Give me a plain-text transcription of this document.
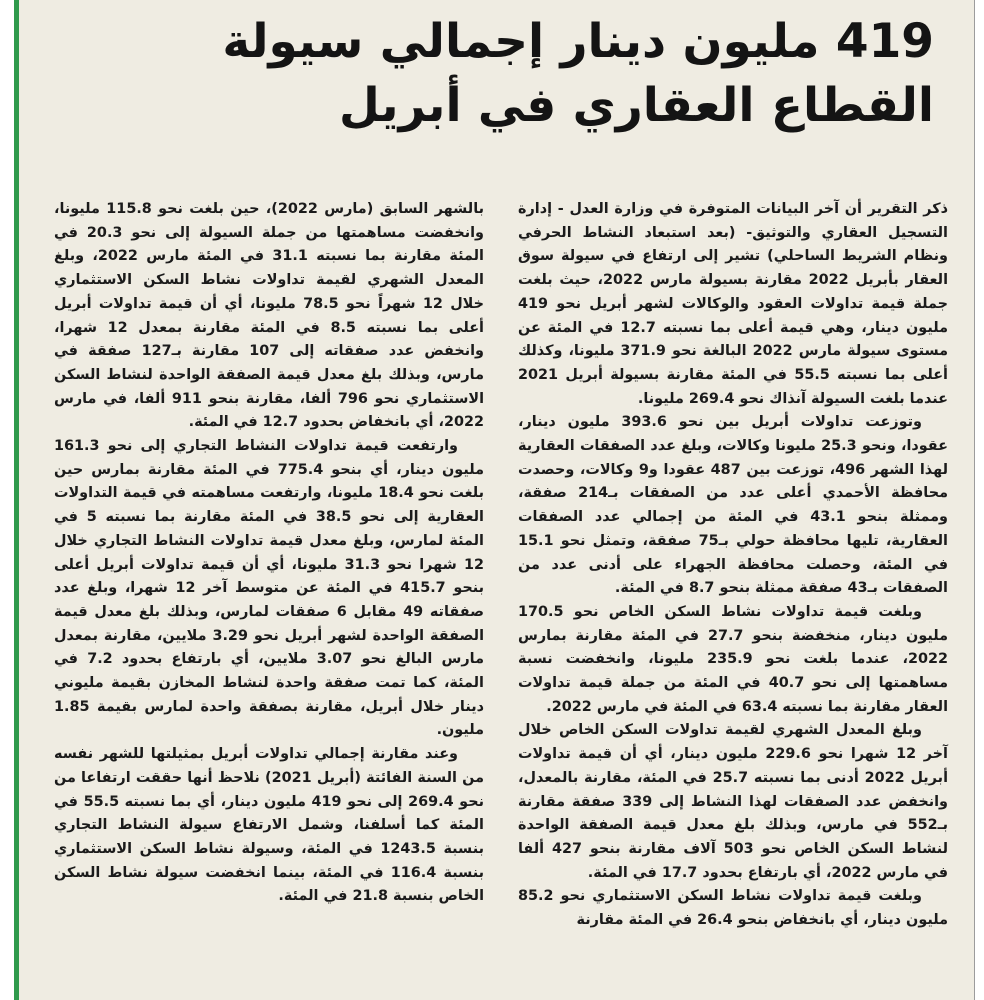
419 مليون دينار إجمالي سيولة
القطاع العقاري في أبريل

ذكر التقرير أن آخر البيانات المتوفرة في وزارة العدل - إدارة التسجيل العقاري والتوثيق- (بعد استبعاد النشاط الحرفي ونظام الشريط الساحلي) تشير إلى ارتفاع في سيولة سوق العقار بأبريل 2022 مقارنة بسيولة مارس 2022، حيث بلغت جملة قيمة تداولات العقود والوكالات لشهر أبريل نحو 419 مليون دينار، وهي قيمة أعلى بما نسبته 12.7 في المئة عن مستوى سيولة مارس 2022 البالغة نحو 371.9 مليونا، وكذلك أعلى بما نسبته 55.5 في المئة مقارنة بسيولة أبريل 2021 عندما بلغت السيولة آنذاك نحو 269.4 مليونا.

وتوزعت تداولات أبريل بين نحو 393.6 مليون دينار، عقودا، ونحو 25.3 مليونا وكالات، وبلغ عدد الصفقات العقارية لهذا الشهر 496، توزعت بين 487 عقودا و9 وكالات، وحصدت محافظة الأحمدي أعلى عدد من الصفقات بـ214 صفقة، وممثلة بنحو 43.1 في المئة من إجمالي عدد الصفقات العقارية، تليها محافظة حولي بـ75 صفقة، وتمثل نحو 15.1 في المئة، وحصلت محافظة الجهراء على أدنى عدد من الصفقات بـ43 صفقة ممثلة بنحو 8.7 في المئة.

وبلغت قيمة تداولات نشاط السكن الخاص نحو 170.5 مليون دينار، منخفضة بنحو 27.7 في المئة مقارنة بمارس 2022، عندما بلغت نحو 235.9 مليونا، وانخفضت نسبة مساهمتها إلى نحو 40.7 في المئة من جملة قيمة تداولات العقار مقارنة بما نسبته 63.4 في المئة في مارس 2022.

وبلغ المعدل الشهري لقيمة تداولات السكن الخاص خلال آخر 12 شهرا نحو 229.6 مليون دينار، أي أن قيمة تداولات أبريل 2022 أدنى بما نسبته 25.7 في المئة، مقارنة بالمعدل، وانخفض عدد الصفقات لهذا النشاط إلى 339 صفقة مقارنة بـ552 في مارس، وبذلك بلغ معدل قيمة الصفقة الواحدة لنشاط السكن الخاص نحو 503 آلاف مقارنة بنحو 427 ألفا في مارس 2022، أي بارتفاع بحدود 17.7 في المئة.

وبلغت قيمة تداولات نشاط السكن الاستثماري نحو 85.2 مليون دينار، أي بانخفاض بنحو 26.4 في المئة مقارنة

بالشهر السابق (مارس 2022)، حين بلغت نحو 115.8 مليونا، وانخفضت مساهمتها من جملة السيولة إلى نحو 20.3 في المئة مقارنة بما نسبته 31.1 في المئة مارس 2022، وبلغ المعدل الشهري لقيمة تداولات نشاط السكن الاستثماري خلال 12 شهراً نحو 78.5 مليونا، أي أن قيمة تداولات أبريل أعلى بما نسبته 8.5 في المئة مقارنة بمعدل 12 شهرا، وانخفض عدد صفقاته إلى 107 مقارنة بـ127 صفقة في مارس، وبذلك بلغ معدل قيمة الصفقة الواحدة لنشاط السكن الاستثماري نحو 796 ألفا، مقارنة بنحو 911 ألفا، في مارس 2022، أي بانخفاض بحدود 12.7 في المئة.

وارتفعت قيمة تداولات النشاط التجاري إلى نحو 161.3 مليون دينار، أي بنحو 775.4 في المئة مقارنة بمارس حين بلغت نحو 18.4 مليونا، وارتفعت مساهمته في قيمة التداولات العقارية إلى نحو 38.5 في المئة مقارنة بما نسبته 5 في المئة لمارس، وبلغ معدل قيمة تداولات النشاط التجاري خلال 12 شهرا نحو 31.3 مليونا، أي أن قيمة تداولات أبريل أعلى بنحو 415.7 في المئة عن متوسط آخر 12 شهرا، وبلغ عدد صفقاته 49 مقابل 6 صفقات لمارس، وبذلك بلغ معدل قيمة الصفقة الواحدة لشهر أبريل نحو 3.29 ملايين، مقارنة بمعدل مارس البالغ نحو 3.07 ملايين، أي بارتفاع بحدود 7.2 في المئة، كما تمت صفقة واحدة لنشاط المخازن بقيمة مليوني دينار خلال أبريل، مقارنة بصفقة واحدة لمارس بقيمة 1.85 مليون.

وعند مقارنة إجمالي تداولات أبريل بمثيلتها للشهر نفسه من السنة الفائتة (أبريل 2021) نلاحظ أنها حققت ارتفاعا من نحو 269.4 إلى نحو 419 مليون دينار، أي بما نسبته 55.5 في المئة كما أسلفنا، وشمل الارتفاع سيولة النشاط التجاري بنسبة 1243.5 في المئة، وسيولة نشاط السكن الاستثماري بنسبة 116.4 في المئة، بينما انخفضت سيولة نشاط السكن الخاص بنسبة 21.8 في المئة.
